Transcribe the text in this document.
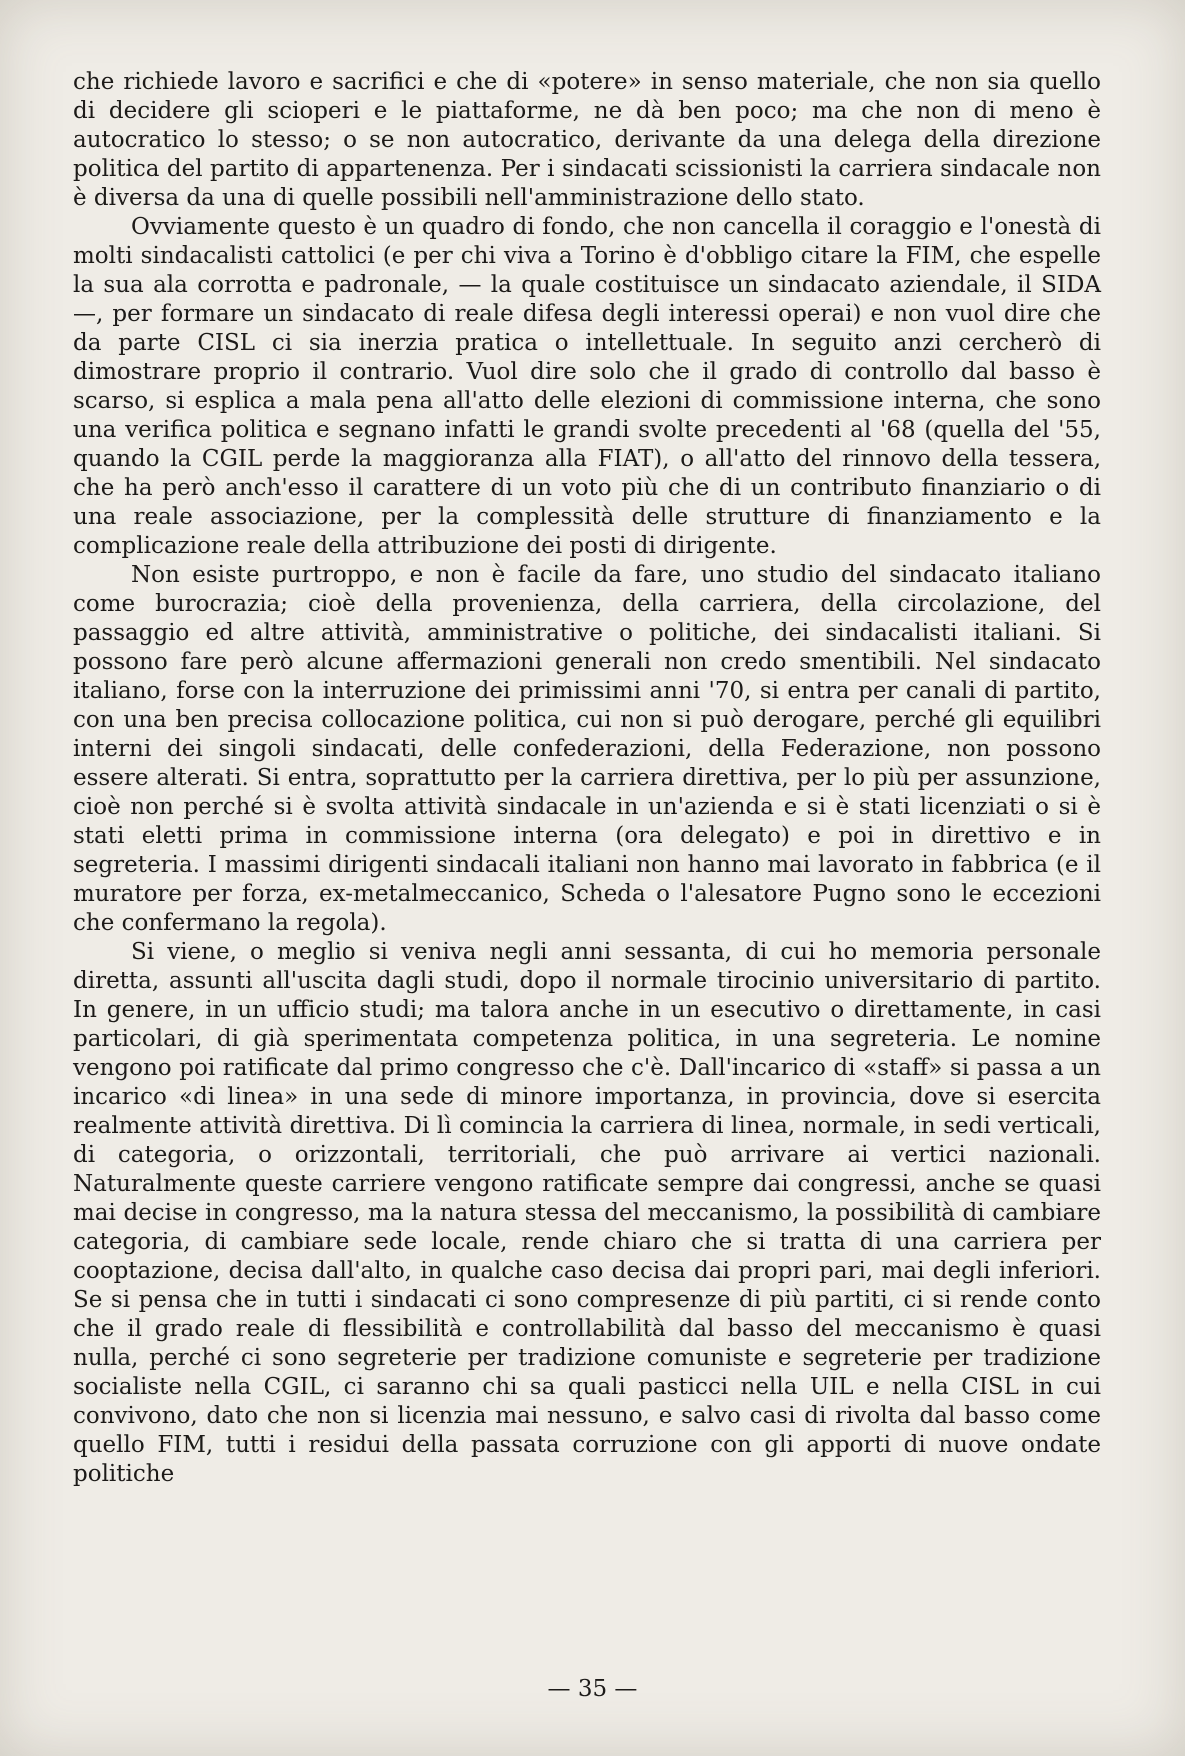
che richiede lavoro e sacrifici e che di «potere» in senso materiale, che non sia quello di decidere gli scioperi e le piattaforme, ne dà ben poco; ma che non di meno è autocratico lo stesso; o se non autocratico, derivante da una delega della direzione politica del partito di appartenenza. Per i sindacati scissionisti la carriera sindacale non è diversa da una di quelle possibili nell'amministrazione dello stato.

Ovviamente questo è un quadro di fondo, che non cancella il coraggio e l'onestà di molti sindacalisti cattolici (e per chi viva a Torino è d'obbligo citare la FIM, che espelle la sua ala corrotta e padronale, — la quale costituisce un sindacato aziendale, il SIDA —, per formare un sindacato di reale difesa degli interessi operai) e non vuol dire che da parte CISL ci sia inerzia pratica o intellettuale. In seguito anzi cercherò di dimostrare proprio il contrario. Vuol dire solo che il grado di controllo dal basso è scarso, si esplica a mala pena all'atto delle elezioni di commissione interna, che sono una verifica politica e segnano infatti le grandi svolte precedenti al '68 (quella del '55, quando la CGIL perde la maggioranza alla FIAT), o all'atto del rinnovo della tessera, che ha però anch'esso il carattere di un voto più che di un contributo finanziario o di una reale associazione, per la complessità delle strutture di finanziamento e la complicazione reale della attribuzione dei posti di dirigente.

Non esiste purtroppo, e non è facile da fare, uno studio del sindacato italiano come burocrazia; cioè della provenienza, della carriera, della circolazione, del passaggio ed altre attività, amministrative o politiche, dei sindacalisti italiani. Si possono fare però alcune affermazioni generali non credo smentibili. Nel sindacato italiano, forse con la interruzione dei primissimi anni '70, si entra per canali di partito, con una ben precisa collocazione politica, cui non si può derogare, perché gli equilibri interni dei singoli sindacati, delle confederazioni, della Federazione, non possono essere alterati. Si entra, soprattutto per la carriera direttiva, per lo più per assunzione, cioè non perché si è svolta attività sindacale in un'azienda e si è stati licenziati o si è stati eletti prima in commissione interna (ora delegato) e poi in direttivo e in segreteria. I massimi dirigenti sindacali italiani non hanno mai lavorato in fabbrica (e il muratore per forza, ex-metalmeccanico, Scheda o l'alesatore Pugno sono le eccezioni che confermano la regola).

Si viene, o meglio si veniva negli anni sessanta, di cui ho memoria personale diretta, assunti all'uscita dagli studi, dopo il normale tirocinio universitario di partito. In genere, in un ufficio studi; ma talora anche in un esecutivo o direttamente, in casi particolari, di già sperimentata competenza politica, in una segreteria. Le nomine vengono poi ratificate dal primo congresso che c'è. Dall'incarico di «staff» si passa a un incarico «di linea» in una sede di minore importanza, in provincia, dove si esercita realmente attività direttiva. Di lì comincia la carriera di linea, normale, in sedi verticali, di categoria, o orizzontali, territoriali, che può arrivare ai vertici nazionali. Naturalmente queste carriere vengono ratificate sempre dai congressi, anche se quasi mai decise in congresso, ma la natura stessa del meccanismo, la possibilità di cambiare categoria, di cambiare sede locale, rende chiaro che si tratta di una carriera per cooptazione, decisa dall'alto, in qualche caso decisa dai propri pari, mai degli inferiori. Se si pensa che in tutti i sindacati ci sono compresenze di più partiti, ci si rende conto che il grado reale di flessibilità e controllabilità dal basso del meccanismo è quasi nulla, perché ci sono segreterie per tradizione comuniste e segreterie per tradizione socialiste nella CGIL, ci saranno chi sa quali pasticci nella UIL e nella CISL in cui convivono, dato che non si licenzia mai nessuno, e salvo casi di rivolta dal basso come quello FIM, tutti i residui della passata corruzione con gli apporti di nuove ondate politiche

— 35 —
